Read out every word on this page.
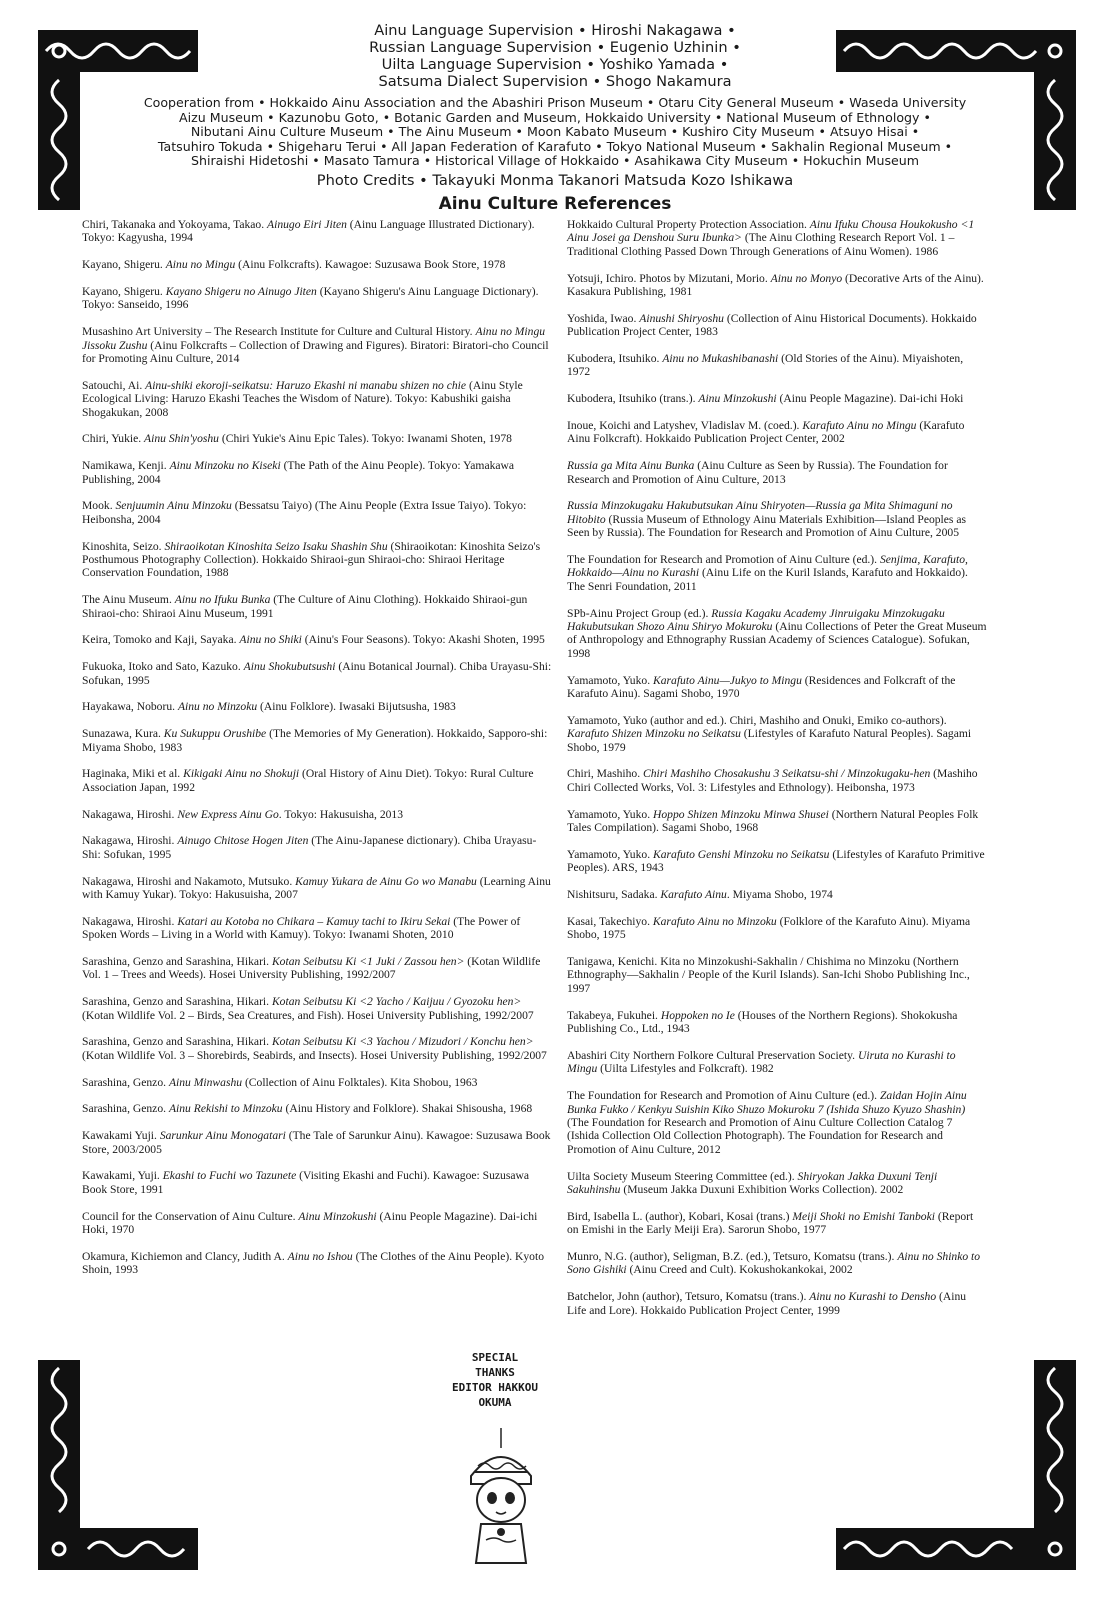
Ainu Language Supervision • Hiroshi Nakagawa •
Russian Language Supervision • Eugenio Uzhinin •
Uilta Language Supervision • Yoshiko Yamada •
Satsuma Dialect Supervision • Shogo Nakamura
Cooperation from • Hokkaido Ainu Association and the Abashiri Prison Museum • Otaru City General Museum • Waseda University
Aizu Museum • Kazunobu Goto, • Botanic Garden and Museum, Hokkaido University • National Museum of Ethnology •
Nibutani Ainu Culture Museum • The Ainu Museum • Moon Kabato Museum • Kushiro City Museum • Atsuyo Hisai •
Tatsuhiro Tokuda • Shigeharu Terui • All Japan Federation of Karafuto • Tokyo National Museum • Sakhalin Regional Museum •
Shiraishi Hidetoshi • Masato Tamura • Historical Village of Hokkaido • Asahikawa City Museum • Hokuchin Museum
Photo Credits • Takayuki Monma Takanori Matsuda Kozo Ishikawa
Ainu Culture References

Chiri, Takanaka and Yokoyama, Takao. Ainugo Eiri Jiten (Ainu Language Illustrated Dictionary). Tokyo: Kagyusha, 1994

Kayano, Shigeru. Ainu no Mingu (Ainu Folkcrafts). Kawagoe: Suzusawa Book Store, 1978

Kayano, Shigeru. Kayano Shigeru no Ainugo Jiten (Kayano Shigeru's Ainu Language Dictionary). Tokyo: Sanseido, 1996

Musashino Art University – The Research Institute for Culture and Cultural History. Ainu no Mingu Jissoku Zushu (Ainu Folkcrafts – Collection of Drawing and Figures). Biratori: Biratori-cho Council for Promoting Ainu Culture, 2014

Satouchi, Ai. Ainu-shiki ekoroji-seikatsu: Haruzo Ekashi ni manabu shizen no chie (Ainu Style Ecological Living: Haruzo Ekashi Teaches the Wisdom of Nature). Tokyo: Kabushiki gaisha Shogakukan, 2008

Chiri, Yukie. Ainu Shin'yoshu (Chiri Yukie's Ainu Epic Tales). Tokyo: Iwanami Shoten, 1978

Namikawa, Kenji. Ainu Minzoku no Kiseki (The Path of the Ainu People). Tokyo: Yamakawa Publishing, 2004

Mook. Senjuumin Ainu Minzoku (Bessatsu Taiyo) (The Ainu People (Extra Issue Taiyo). Tokyo: Heibonsha, 2004

Kinoshita, Seizo. Shiraoikotan Kinoshita Seizo Isaku Shashin Shu (Shiraoikotan: Kinoshita Seizo's Posthumous Photography Collection). Hokkaido Shiraoi-gun Shiraoi-cho: Shiraoi Heritage Conservation Foundation, 1988

The Ainu Museum. Ainu no Ifuku Bunka (The Culture of Ainu Clothing). Hokkaido Shiraoi-gun Shiraoi-cho: Shiraoi Ainu Museum, 1991

Keira, Tomoko and Kaji, Sayaka. Ainu no Shiki (Ainu's Four Seasons). Tokyo: Akashi Shoten, 1995

Fukuoka, Itoko and Sato, Kazuko. Ainu Shokubutsushi (Ainu Botanical Journal). Chiba Urayasu-Shi: Sofukan, 1995

Hayakawa, Noboru. Ainu no Minzoku (Ainu Folklore). Iwasaki Bijutsusha, 1983

Sunazawa, Kura. Ku Sukuppu Orushibe (The Memories of My Generation). Hokkaido, Sapporo-shi: Miyama Shobo, 1983

Haginaka, Miki et al. Kikigaki Ainu no Shokuji (Oral History of Ainu Diet). Tokyo: Rural Culture Association Japan, 1992

Nakagawa, Hiroshi. New Express Ainu Go. Tokyo: Hakusuisha, 2013

Nakagawa, Hiroshi. Ainugo Chitose Hogen Jiten (The Ainu-Japanese dictionary). Chiba Urayasu-Shi: Sofukan, 1995

Nakagawa, Hiroshi and Nakamoto, Mutsuko. Kamuy Yukara de Ainu Go wo Manabu (Learning Ainu with Kamuy Yukar). Tokyo: Hakusuisha, 2007

Nakagawa, Hiroshi. Katari au Kotoba no Chikara – Kamuy tachi to Ikiru Sekai (The Power of Spoken Words – Living in a World with Kamuy). Tokyo: Iwanami Shoten, 2010

Sarashina, Genzo and Sarashina, Hikari. Kotan Seibutsu Ki <1 Juki / Zassou hen> (Kotan Wildlife Vol. 1 – Trees and Weeds). Hosei University Publishing, 1992/2007

Sarashina, Genzo and Sarashina, Hikari. Kotan Seibutsu Ki <2 Yacho / Kaijuu / Gyozoku hen> (Kotan Wildlife Vol. 2 – Birds, Sea Creatures, and Fish). Hosei University Publishing, 1992/2007

Sarashina, Genzo and Sarashina, Hikari. Kotan Seibutsu Ki <3 Yachou / Mizudori / Konchu hen> (Kotan Wildlife Vol. 3 – Shorebirds, Seabirds, and Insects). Hosei University Publishing, 1992/2007

Sarashina, Genzo. Ainu Minwashu (Collection of Ainu Folktales). Kita Shobou, 1963

Sarashina, Genzo. Ainu Rekishi to Minzoku (Ainu History and Folklore). Shakai Shisousha, 1968

Kawakami Yuji. Sarunkur Ainu Monogatari (The Tale of Sarunkur Ainu). Kawagoe: Suzusawa Book Store, 2003/2005

Kawakami, Yuji. Ekashi to Fuchi wo Tazunete (Visiting Ekashi and Fuchi). Kawagoe: Suzusawa Book Store, 1991

Council for the Conservation of Ainu Culture. Ainu Minzokushi (Ainu People Magazine). Dai-ichi Hoki, 1970

Okamura, Kichiemon and Clancy, Judith A. Ainu no Ishou (The Clothes of the Ainu People). Kyoto Shoin, 1993

Hokkaido Cultural Property Protection Association. Ainu Ifuku Chousa Houkokusho <1 Ainu Josei ga Denshou Suru Ibunka> (The Ainu Clothing Research Report Vol. 1 – Traditional Clothing Passed Down Through Generations of Ainu Women). 1986

Yotsuji, Ichiro. Photos by Mizutani, Morio. Ainu no Monyo (Decorative Arts of the Ainu). Kasakura Publishing, 1981

Yoshida, Iwao. Ainushi Shiryoshu (Collection of Ainu Historical Documents). Hokkaido Publication Project Center, 1983

Kubodera, Itsuhiko. Ainu no Mukashibanashi (Old Stories of the Ainu). Miyaishoten, 1972

Kubodera, Itsuhiko (trans.). Ainu Minzokushi (Ainu People Magazine). Dai-ichi Hoki

Inoue, Koichi and Latyshev, Vladislav M. (coed.). Karafuto Ainu no Mingu (Karafuto Ainu Folkcraft). Hokkaido Publication Project Center, 2002

Russia ga Mita Ainu Bunka (Ainu Culture as Seen by Russia). The Foundation for Research and Promotion of Ainu Culture, 2013

Russia Minzokugaku Hakubutsukan Ainu Shiryoten—Russia ga Mita Shimaguni no Hitobito (Russia Museum of Ethnology Ainu Materials Exhibition—Island Peoples as Seen by Russia). The Foundation for Research and Promotion of Ainu Culture, 2005

The Foundation for Research and Promotion of Ainu Culture (ed.). Senjima, Karafuto, Hokkaido—Ainu no Kurashi (Ainu Life on the Kuril Islands, Karafuto and Hokkaido). The Senri Foundation, 2011

SPb-Ainu Project Group (ed.). Russia Kagaku Academy Jinruigaku Minzokugaku Hakubutsukan Shozo Ainu Shiryo Mokuroku (Ainu Collections of Peter the Great Museum of Anthropology and Ethnography Russian Academy of Sciences Catalogue). Sofukan, 1998

Yamamoto, Yuko. Karafuto Ainu—Jukyo to Mingu (Residences and Folkcraft of the Karafuto Ainu). Sagami Shobo, 1970

Yamamoto, Yuko (author and ed.). Chiri, Mashiho and Onuki, Emiko co-authors). Karafuto Shizen Minzoku no Seikatsu (Lifestyles of Karafuto Natural Peoples). Sagami Shobo, 1979

Chiri, Mashiho. Chiri Mashiho Chosakushu 3 Seikatsu-shi / Minzokugaku-hen (Mashiho Chiri Collected Works, Vol. 3: Lifestyles and Ethnology). Heibonsha, 1973

Yamamoto, Yuko. Hoppo Shizen Minzoku Minwa Shusei (Northern Natural Peoples Folk Tales Compilation). Sagami Shobo, 1968

Yamamoto, Yuko. Karafuto Genshi Minzoku no Seikatsu (Lifestyles of Karafuto Primitive Peoples). ARS, 1943

Nishitsuru, Sadaka. Karafuto Ainu. Miyama Shobo, 1974

Kasai, Takechiyo. Karafuto Ainu no Minzoku (Folklore of the Karafuto Ainu). Miyama Shobo, 1975

Tanigawa, Kenichi. Kita no Minzokushi-Sakhalin / Chishima no Minzoku (Northern Ethnography—Sakhalin / People of the Kuril Islands). San-Ichi Shobo Publishing Inc., 1997

Takabeya, Fukuhei. Hoppoken no Ie (Houses of the Northern Regions). Shokokusha Publishing Co., Ltd., 1943

Abashiri City Northern Folkore Cultural Preservation Society. Uiruta no Kurashi to Mingu (Uilta Lifestyles and Folkcraft). 1982

The Foundation for Research and Promotion of Ainu Culture (ed.). Zaidan Hojin Ainu Bunka Fukko / Kenkyu Suishin Kiko Shuzo Mokuroku 7 (Ishida Shuzo Kyuzo Shashin) (The Foundation for Research and Promotion of Ainu Culture Collection Catalog 7 (Ishida Collection Old Collection Photograph). The Foundation for Research and Promotion of Ainu Culture, 2012

Uilta Society Museum Steering Committee (ed.). Shiryokan Jakka Duxuni Tenji Sakuhinshu (Museum Jakka Duxuni Exhibition Works Collection). 2002

Bird, Isabella L. (author), Kobari, Kosai (trans.) Meiji Shoki no Emishi Tanboki (Report on Emishi in the Early Meiji Era). Sarorun Shobo, 1977

Munro, N.G. (author), Seligman, B.Z. (ed.), Tetsuro, Komatsu (trans.). Ainu no Shinko to Sono Gishiki (Ainu Creed and Cult). Kokushokankokai, 2002

Batchelor, John (author), Tetsuro, Komatsu (trans.). Ainu no Kurashi to Densho (Ainu Life and Lore). Hokkaido Publication Project Center, 1999

SPECIAL
THANKS
EDITOR HAKKOU
OKUMA
